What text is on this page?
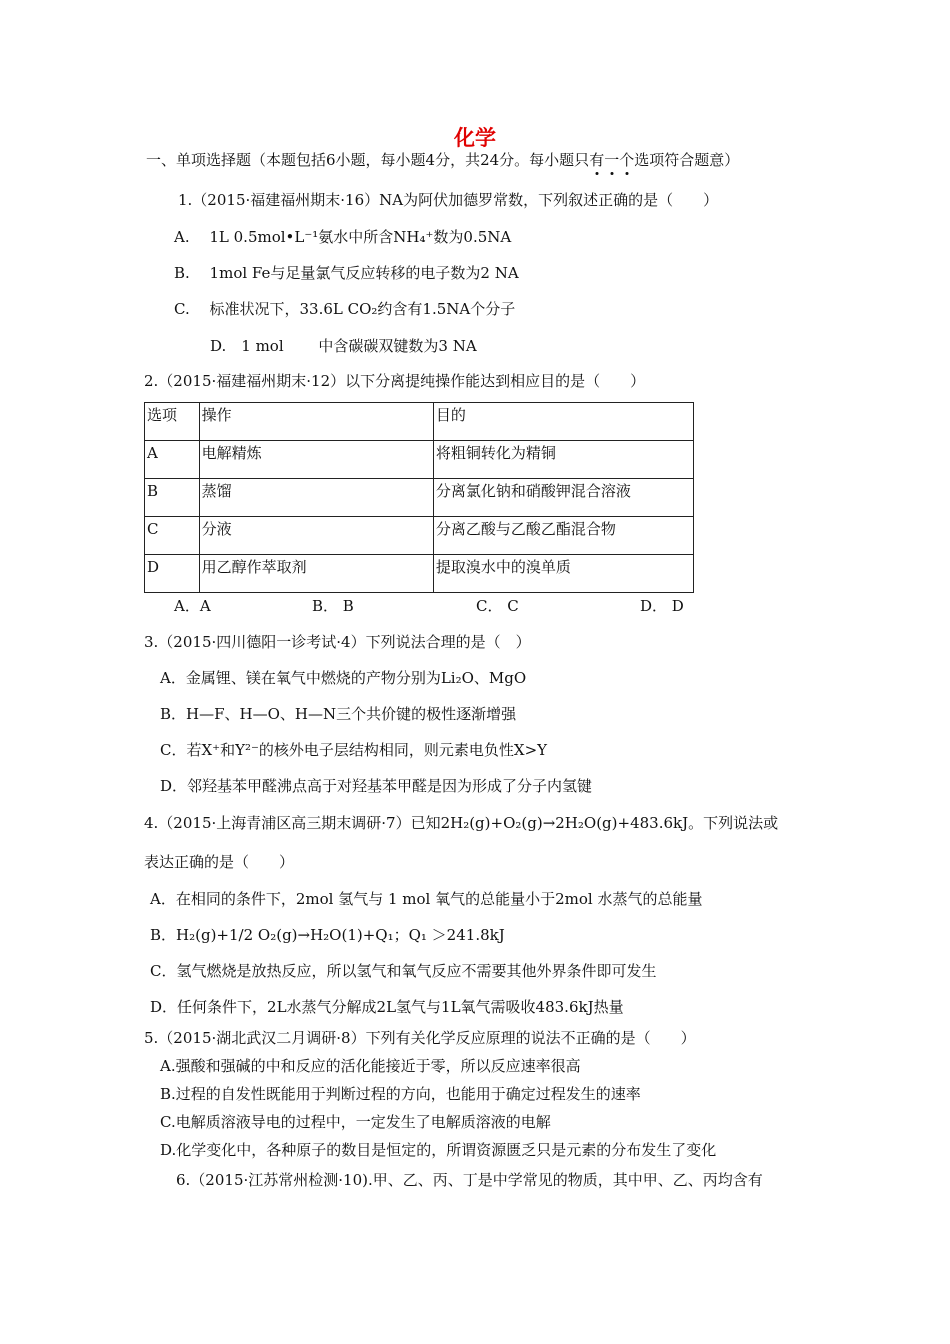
化学
一、单项选择题（本题包括6小题，每小题4分，共24分。每小题只有一个选项符合题意）
1.（2015·福建福州期末·16）NA为阿伏加德罗常数，下列叙述正确的是（　　）
A.　 1L 0.5mol•L⁻¹氨水中所含NH₄⁺数为0.5NA
B.　 1mol Fe与足量氯气反应转移的电子数为2 NA
C.　 标准状况下，33.6L CO₂约含有1.5NA个分子
D.　1 mol　　 中含碳碳双键数为3 NA
2.（2015·福建福州期末·12）以下分离提纯操作能达到相应目的是（　　）
选项	操作	目的
A	电解精炼	将粗铜转化为精铜
B	蒸馏	分离氯化钠和硝酸钾混合溶液
C	分液	分离乙酸与乙酸乙酯混合物
D	用乙醇作萃取剂	提取溴水中的溴单质
A．A	B． B	C． C	D． D
3.（2015·四川德阳一诊考试·4）下列说法合理的是（　）
A．金属锂、镁在氧气中燃烧的产物分别为Li₂O、MgO
B．H—F、H—O、H—N三个共价键的极性逐渐增强
C．若X⁺和Y²⁻的核外电子层结构相同，则元素电负性X>Y
D．邻羟基苯甲醛沸点高于对羟基苯甲醛是因为形成了分子内氢键
4.（2015·上海青浦区高三期末调研·7）已知2H₂(g)+O₂(g)→2H₂O(g)+483.6kJ。下列说法或
表达正确的是（　　）
A．在相同的条件下，2mol 氢气与 1 mol 氧气的总能量小于2mol 水蒸气的总能量
B．H₂(g)+1/2 O₂(g)→H₂O(1)+Q₁；Q₁ ＞241.8kJ
C．氢气燃烧是放热反应，所以氢气和氧气反应不需要其他外界条件即可发生
D．任何条件下，2L水蒸气分解成2L氢气与1L氧气需吸收483.6kJ热量
5.（2015·湖北武汉二月调研·8）下列有关化学反应原理的说法不正确的是（　　）
A.强酸和强碱的中和反应的活化能接近于零，所以反应速率很高
B.过程的自发性既能用于判断过程的方向，也能用于确定过程发生的速率
C.电解质溶液导电的过程中，一定发生了电解质溶液的电解
D.化学变化中，各种原子的数目是恒定的，所谓资源匮乏只是元素的分布发生了变化
6.（2015·江苏常州检测·10).甲、乙、丙、丁是中学常见的物质，其中甲、乙、丙均含有
